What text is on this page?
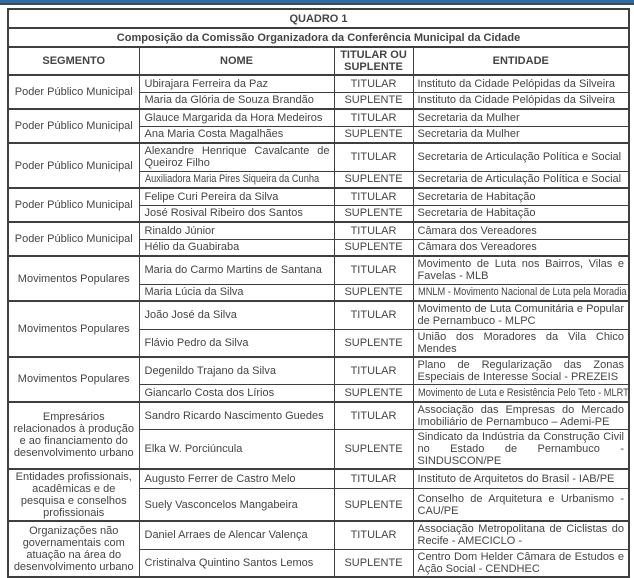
QUADRO 1			
Composição da Comissão Organizadora da Conferência Municipal da Cidade			
SEGMENTO	NOME	TITULAR OU SUPLENTE	ENTIDADE
Poder Público Municipal	Ubirajara Ferreira da Paz	TITULAR	Instituto da Cidade Pelópidas da Silveira
	Maria da Glória de Souza Brandão	SUPLENTE	Instituto da Cidade Pelópidas da Silveira
Poder Público Municipal	Glauce Margarida da Hora Medeiros	TITULAR	Secretaria da Mulher
	Ana Maria Costa Magalhães	SUPLENTE	Secretaria da Mulher
Poder Público Municipal	Alexandre Henrique Cavalcante de Queiroz Filho	TITULAR	Secretaria de Articulação Política e Social
	Auxiliadora Maria Pires Siqueira da Cunha	SUPLENTE	Secretaria de Articulação Política e Social
Poder Público Municipal	Felipe Curi Pereira da Silva	TITULAR	Secretaria de Habitação
	José Rosival Ribeiro dos Santos	SUPLENTE	Secretaria de Habitação
Poder Público Municipal	Rinaldo Júnior	TITULAR	Câmara dos Vereadores
	Hélio da Guabiraba	SUPLENTE	Câmara dos Vereadores
Movimentos Populares	Maria do Carmo Martins de Santana	TITULAR	Movimento de Luta nos Bairros, Vilas e Favelas - MLB
	Maria Lúcia da Silva	SUPLENTE	MNLM - Movimento Nacional de Luta pela Moradia
Movimentos Populares	João José da Silva	TITULAR	Movimento de Luta Comunitária e Popular de Pernambuco - MLPC
	Flávio Pedro da Silva	SUPLENTE	União dos Moradores da Vila Chico Mendes
Movimentos Populares	Degenildo Trajano da Silva	TITULAR	Plano de Regularização das Zonas Especiais de Interesse Social - PREZEIS
	Giancarlo Costa dos Lírios	SUPLENTE	Movimento de Luta e Resistência Pelo Teto - MLRT
Empresários relacionados à produção e ao financiamento do desenvolvimento urbano	Sandro Ricardo Nascimento Guedes	TITULAR	Associação das Empresas do Mercado Imobiliário de Pernambuco – Ademi-PE
	Elka W. Porciúncula	SUPLENTE	Sindicato da Indústria da Construção Civil no Estado de Pernambuco - SINDUSCON/PE
Entidades profissionais, acadêmicas e de pesquisa e conselhos profissionais	Augusto Ferrer de Castro Melo	TITULAR	Instituto de Arquitetos do Brasil - IAB/PE
	Suely Vasconcelos Mangabeira	SUPLENTE	Conselho de Arquitetura e Urbanismo - CAU/PE
Organizações não governamentais com atuação na área do desenvolvimento urbano	Daniel Arraes de Alencar Valença	TITULAR	Associação Metropolitana de Ciclistas do Recife - AMECICLO -
	Cristinalva Quintino Santos Lemos	SUPLENTE	Centro Dom Helder Câmara de Estudos e Ação Social - CENDHEC
